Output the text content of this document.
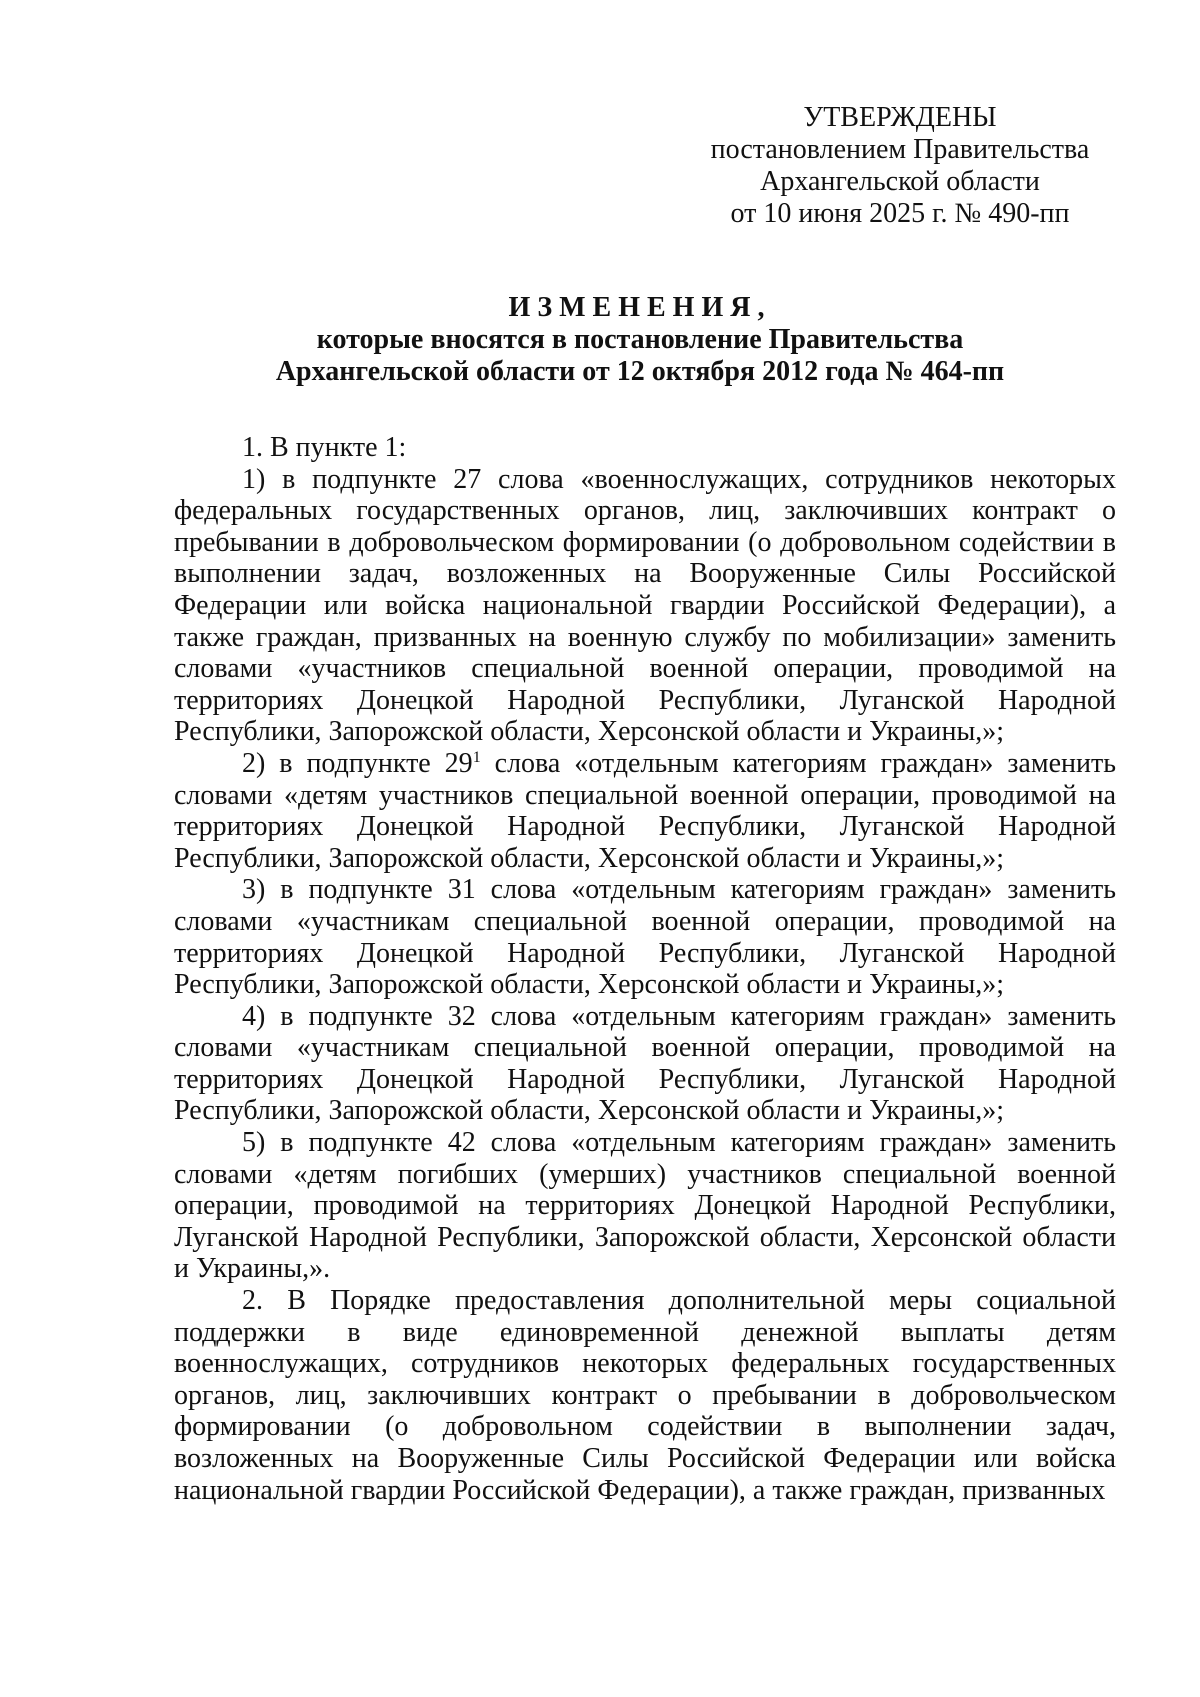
УТВЕРЖДЕНЫ
постановлением Правительства
Архангельской области
от 10 июня 2025 г. № 490-пп
ИЗМЕНЕНИЯ,
которые вносятся в постановление Правительства
Архангельской области от 12 октября 2012 года № 464-пп

1. В пункте 1:

1) в подпункте 27 слова «военнослужащих, сотрудников некоторых федеральных государственных органов, лиц, заключивших контракт о пребывании в добровольческом формировании (о добровольном содействии в выполнении задач, возложенных на Вооруженные Силы Российской Федерации или войска национальной гвардии Российской Федерации), а также граждан, призванных на военную службу по мобилизации» заменить словами «участников специальной военной операции, проводимой на территориях Донецкой Народной Республики, Луганской Народной Республики, Запорожской области, Херсонской области и Украины,»;

2) в подпункте $29^1$ слова «отдельным категориям граждан» заменить словами «детям участников специальной военной операции, проводимой на территориях Донецкой Народной Республики, Луганской Народной Республики, Запорожской области, Херсонской области и Украины,»;

3) в подпункте 31 слова «отдельным категориям граждан» заменить словами «участникам специальной военной операции, проводимой на территориях Донецкой Народной Республики, Луганской Народной Республики, Запорожской области, Херсонской области и Украины,»;

4) в подпункте 32 слова «отдельным категориям граждан» заменить словами «участникам специальной военной операции, проводимой на территориях Донецкой Народной Республики, Луганской Народной Республики, Запорожской области, Херсонской области и Украины,»;

5) в подпункте 42 слова «отдельным категориям граждан» заменить словами «детям погибших (умерших) участников специальной военной операции, проводимой на территориях Донецкой Народной Республики, Луганской Народной Республики, Запорожской области, Херсонской области и Украины,».

2. В Порядке предоставления дополнительной меры социальной поддержки в виде единовременной денежной выплаты детям военнослужащих, сотрудников некоторых федеральных государственных органов, лиц, заключивших контракт о пребывании в добровольческом формировании (о добровольном содействии в выполнении задач, возложенных на Вооруженные Силы Российской Федерации или войска национальной гвардии Российской Федерации), а также граждан, призванных
